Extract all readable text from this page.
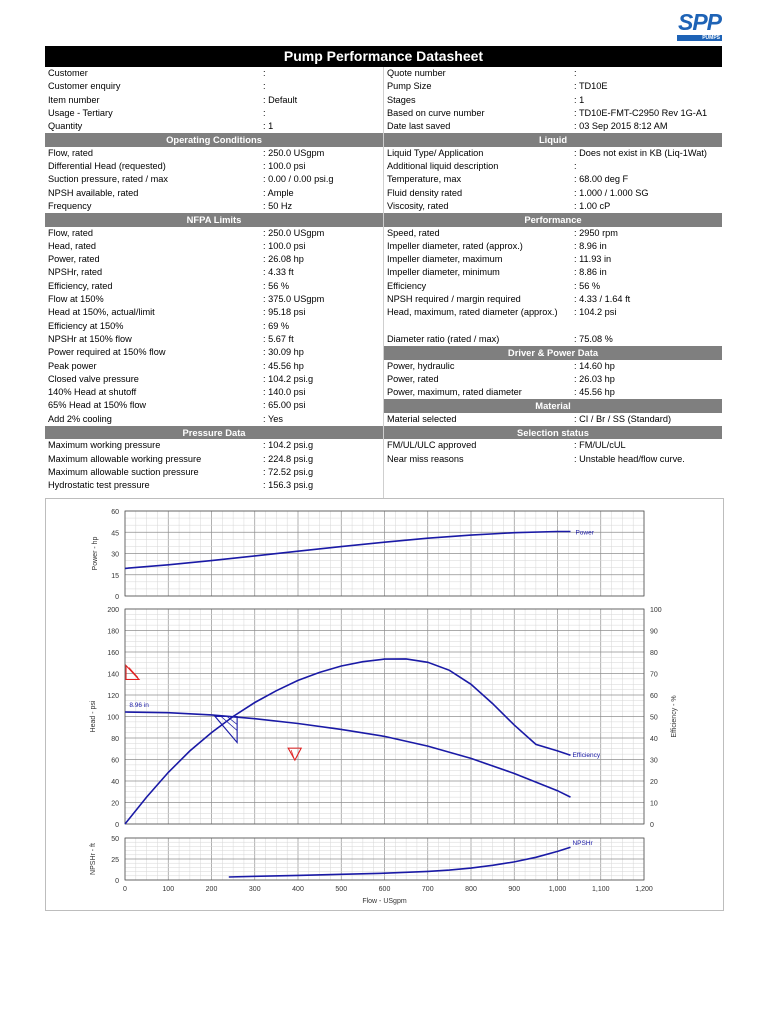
SPP
PUMPS
Pump Performance Datasheet
Customer	:
Customer enquiry	:
Item number	: Default
Usage - Tertiary	:
Quantity	: 1
Operating Conditions
Flow, rated	: 250.0 USgpm
Differential Head (requested)	: 100.0 psi
Suction pressure, rated / max	: 0.00 / 0.00 psi.g
NPSH available, rated	: Ample
Frequency	: 50 Hz
NFPA Limits
Flow, rated	: 250.0 USgpm
Head, rated	: 100.0 psi
Power, rated	: 26.08 hp
NPSHr, rated	: 4.33 ft
Efficiency, rated	: 56 %
Flow at 150%	: 375.0 USgpm
Head at 150%, actual/limit	: 95.18 psi
Efficiency at 150%	: 69 %
NPSHr at 150% flow	: 5.67 ft
Power required at 150% flow	: 30.09 hp
Peak power	: 45.56 hp
Closed valve pressure	: 104.2 psi.g
140% Head at shutoff	: 140.0 psi
65% Head at 150% flow	: 65.00 psi
Add 2% cooling	: Yes
Pressure Data
Maximum working pressure	: 104.2 psi.g
Maximum allowable working pressure	: 224.8 psi.g
Maximum allowable suction pressure	: 72.52 psi.g
Hydrostatic test pressure	: 156.3 psi.g
Quote number	:
Pump Size	: TD10E
Stages	: 1
Based on curve number	: TD10E-FMT-C2950 Rev 1G-A1
Date last saved	: 03 Sep 2015 8:12 AM
Liquid
Liquid Type/ Application	: Does not exist in KB (Liq-1Wat)
Additional liquid description	:
Temperature, max	: 68.00 deg F
Fluid density rated	: 1.000 / 1.000 SG
Viscosity, rated	: 1.00 cP
Performance
Speed, rated	: 2950 rpm
Impeller diameter, rated (approx.)	: 8.96 in
Impeller diameter, maximum	: 11.93 in
Impeller diameter, minimum	: 8.86 in
Efficiency	: 56 %
NPSH required / margin required	: 4.33 / 1.64 ft
Head, maximum, rated diameter (approx.)	: 104.2 psi
Diameter ratio (rated / max)	: 75.08 %
Driver & Power Data
Power, hydraulic	: 14.60 hp
Power, rated	: 26.03 hp
Power, maximum, rated diameter	: 45.56 hp
Material
Material selected	: CI / Br / SS (Standard)
Selection status
FM/UL/ULC approved	: FM/UL/cUL
Near miss reasons	: Unstable head/flow curve.
0
15
30
45
60
Power - hp
Power
0
20
40
60
80
100
120
140
160
180
200
0
10
20
30
40
50
60
70
80
90
100
Head - psi	Efficiency - %
8.96 in
Efficiency
0
25
50
NPSHr - ft
0	100	200	300	400	500	600	700	800	900	1,000	1,100	1,200
Flow - USgpm
NPSHr
